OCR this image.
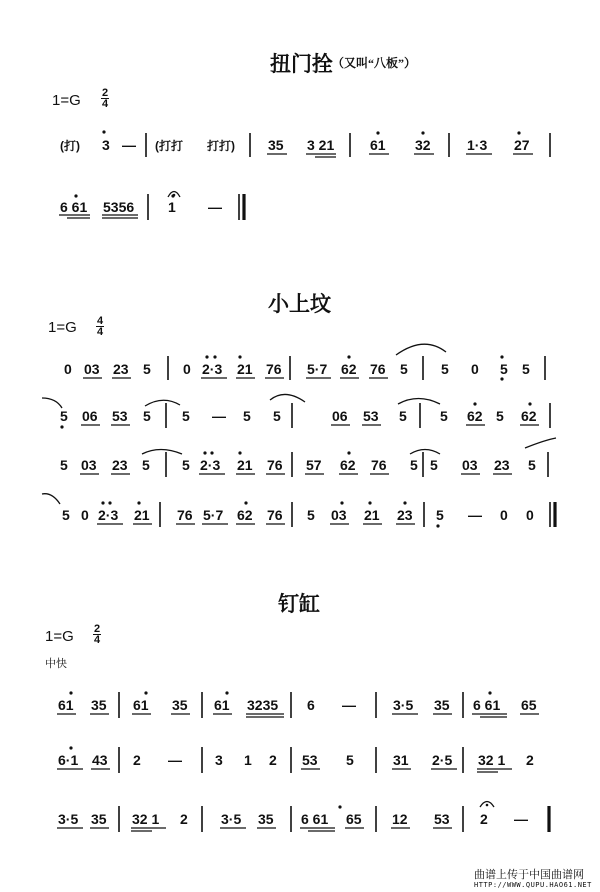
扭门拴 （又叫“八板”）
1=G 2
4
(打) 3 — (打打 打打) 35 3 21	61 32	1·3 27
6 61 5356 1 —
小上坟
1=G 4
4
0 03 23 5 0 2·3 21 76 5·7 62 76 5 5 0 5 5
5 06 53 5 5 — 5 5	06 53 5 5 62 5 62
5 03 23 5 5 2·3 21 76 57 62 76 5 5 03 23 5
5 0 2·3 21 76 5·7 62 76 5 03 21 23 5 — 0 0
钉缸
1=G 2
4
中快
61 35 61 35 61 3235 6 —	3·5 35 6 61 65
6·1 43 2 — 3 1 2 53 5	31 2·5 32 1 2
3·5 35 32 1 2 3·5 35 6 61 65 12 53 2 —
曲谱上传于中国曲谱网
HTTP://WWW.QUPU.HAO61.NET
